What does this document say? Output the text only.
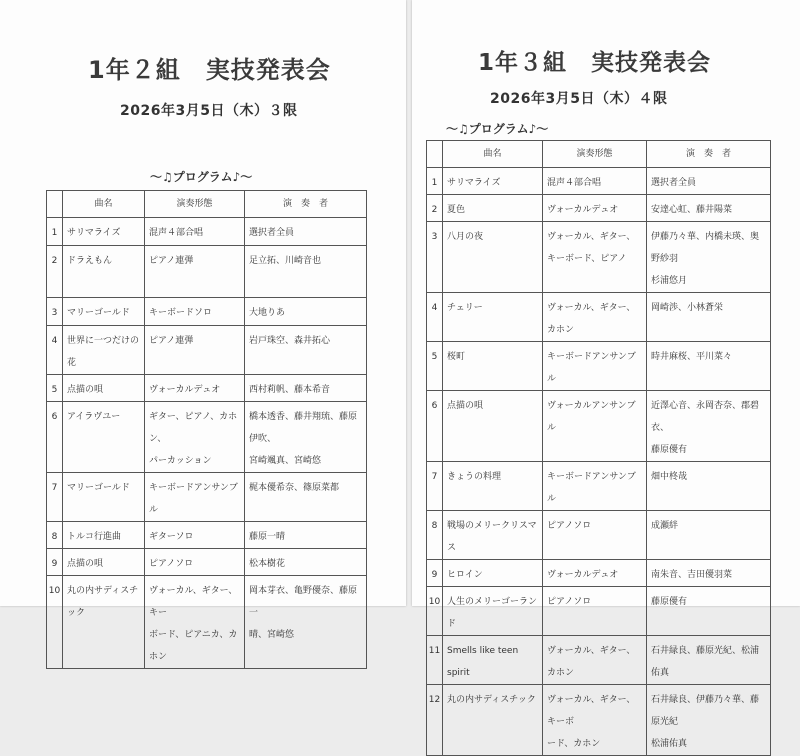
1年２組　実技発表会
2026年3月5日（木）３限
～♫プログラム♪～
	曲名	演奏形態	演　奏　者
1	サリマライズ	混声４部合唱	選択者全員
2	ドラえもん	ピアノ連弾	足立拓、川崎音也
3	マリーゴールド	キーボードソロ	大地りあ
4	世界に一つだけの花	ピアノ連弾	岩戸珠空、森井拓心
5	点描の唄	ヴォーカルデュオ	西村莉帆、藤本希音
6	アイラヴユー	ギター、ピアノ、カホン、
パーカッション	橋本透香、藤井翔琉、藤原伊吹、
宮崎颯真、宮崎悠
7	マリーゴールド	キーボードアンサンブル	梶本優希奈、篠原菜都
8	トルコ行進曲	ギターソロ	藤原一晴
9	点描の唄	ピアノソロ	松本樹花
10	丸の内サディスチック	ヴォーカル、ギター、キー
ボード、ピアニカ、カホン	岡本芽衣、亀野優奈、藤原一
晴、宮崎悠
1年３組　実技発表会
2026年3月5日（木）４限
～♫プログラム♪～
	曲名	演奏形態	演　奏　者
1	サリマライズ	混声４部合唱	選択者全員
2	夏色	ヴォーカルデュオ	安達心虹、藤井陽菜
3	八月の夜	ヴォーカル、ギター、
キーボード、ピアノ	伊藤乃々華、内橋未瑛、奥野紗羽
杉浦悠月
4	チェリー	ヴォーカル、ギター、カホン	岡崎渉、小林蒼栄
5	桜町	キーボードアンサンブル	時井麻桜、平川菜々
6	点描の唄	ヴォーカルアンサンブル	近澤心音、永岡杏奈、郡碧衣、
藤原優有
7	きょうの料理	キーボードアンサンブル	畑中柊哉
8	戦場のメリークリスマス	ピアノソロ	成瀬絆
9	ヒロイン	ヴォーカルデュオ	南朱音、吉田優羽菜
10	人生のメリーゴーランド	ピアノソロ	藤原優有
11	Smells like teen spirit	ヴォーカル、ギター、カホン	石井緑良、藤原光紀、松浦佑真
12	丸の内サディスチック	ヴォーカル、ギター、キーボ
ード、カホン	石井緑良、伊藤乃々華、藤原光紀
松浦佑真
